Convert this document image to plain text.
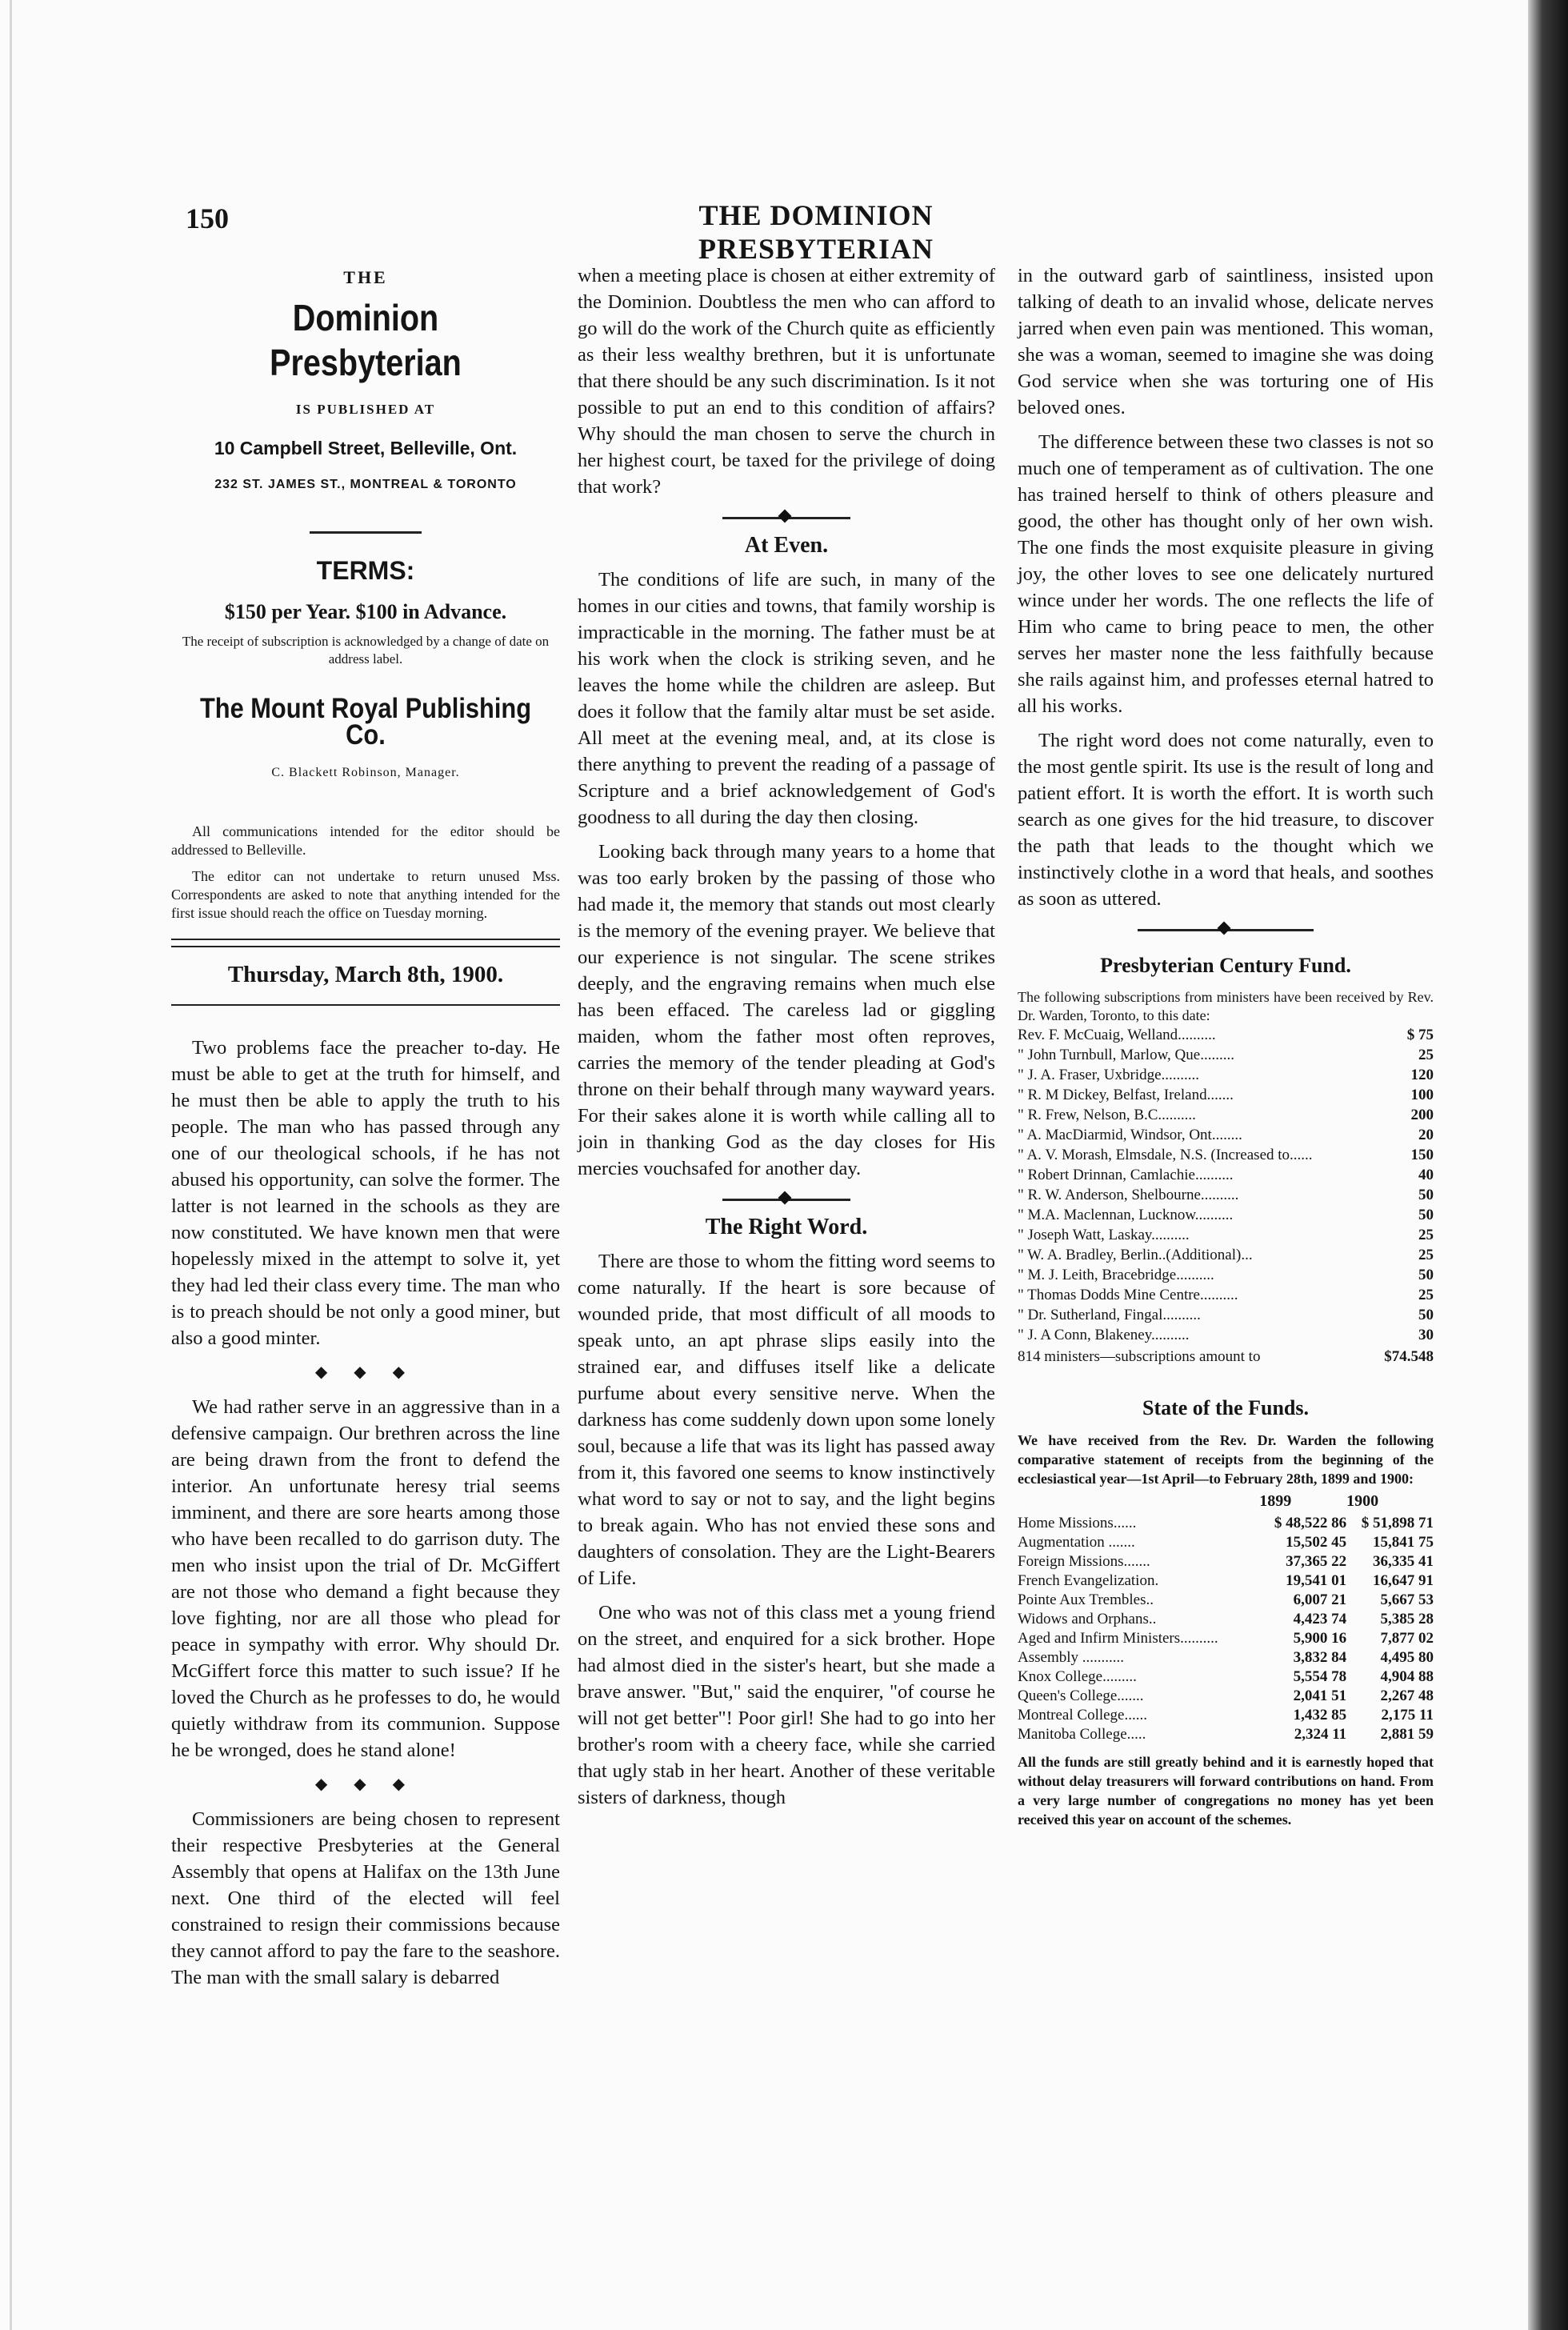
150	THE DOMINION PRESBYTERIAN
THE
Dominion Presbyterian
IS PUBLISHED AT
10 Campbell Street, Belleville, Ont.
232 ST. JAMES ST., MONTREAL & TORONTO
TERMS:
$150 per Year. $100 in Advance.
The receipt of subscription is acknowledged by a change of date on address label.
The Mount Royal Publishing Co.
C. Blackett Robinson, Manager.

All communications intended for the editor should be addressed to Belleville.

The editor can not undertake to return unused Mss. Correspondents are asked to note that anything intended for the first issue should reach the office on Tuesday morning.

Thursday, March 8th, 1900.

Two problems face the preacher to-day. He must be able to get at the truth for himself, and he must then be able to apply the truth to his people. The man who has passed through any one of our theological schools, if he has not abused his opportunity, can solve the former. The latter is not learned in the schools as they are now constituted. We have known men that were hopelessly mixed in the attempt to solve it, yet they had led their class every time. The man who is to preach should be not only a good miner, but also a good minter.

◆ ◆ ◆

We had rather serve in an aggressive than in a defensive campaign. Our brethren across the line are being drawn from the front to defend the interior. An unfortunate heresy trial seems imminent, and there are sore hearts among those who have been recalled to do garrison duty. The men who insist upon the trial of Dr. McGiffert are not those who demand a fight because they love fighting, nor are all those who plead for peace in sympathy with error. Why should Dr. McGiffert force this matter to such issue? If he loved the Church as he professes to do, he would quietly withdraw from its communion. Suppose he be wronged, does he stand alone!

◆ ◆ ◆

Commissioners are being chosen to represent their respective Presbyteries at the General Assembly that opens at Halifax on the 13th June next. One third of the elected will feel constrained to resign their commissions because they cannot afford to pay the fare to the seashore. The man with the small salary is debarred

when a meeting place is chosen at either extremity of the Dominion. Doubtless the men who can afford to go will do the work of the Church quite as efficiently as their less wealthy brethren, but it is unfortunate that there should be any such discrimination. Is it not possible to put an end to this condition of affairs? Why should the man chosen to serve the church in her highest court, be taxed for the privilege of doing that work?

At Even.

The conditions of life are such, in many of the homes in our cities and towns, that family worship is impracticable in the morning. The father must be at his work when the clock is striking seven, and he leaves the home while the children are asleep. But does it follow that the family altar must be set aside. All meet at the evening meal, and, at its close is there anything to prevent the reading of a passage of Scripture and a brief acknowledgement of God's goodness to all during the day then closing.

Looking back through many years to a home that was too early broken by the passing of those who had made it, the memory that stands out most clearly is the memory of the evening prayer. We believe that our experience is not singular. The scene strikes deeply, and the engraving remains when much else has been effaced. The careless lad or giggling maiden, whom the father most often reproves, carries the memory of the tender pleading at God's throne on their behalf through many wayward years. For their sakes alone it is worth while calling all to join in thanking God as the day closes for His mercies vouchsafed for another day.

The Right Word.

There are those to whom the fitting word seems to come naturally. If the heart is sore because of wounded pride, that most difficult of all moods to speak unto, an apt phrase slips easily into the strained ear, and diffuses itself like a delicate purfume about every sensitive nerve. When the darkness has come suddenly down upon some lonely soul, because a life that was its light has passed away from it, this favored one seems to know instinctively what word to say or not to say, and the light begins to break again. Who has not envied these sons and daughters of consolation. They are the Light-Bearers of Life.

One who was not of this class met a young friend on the street, and enquired for a sick brother. Hope had almost died in the sister's heart, but she made a brave answer. "But," said the enquirer, "of course he will not get better"! Poor girl! She had to go into her brother's room with a cheery face, while she carried that ugly stab in her heart. Another of these veritable sisters of darkness, though

in the outward garb of saintliness, insisted upon talking of death to an invalid whose, delicate nerves jarred when even pain was mentioned. This woman, she was a woman, seemed to imagine she was doing God service when she was torturing one of His beloved ones.

The difference between these two classes is not so much one of temperament as of cultivation. The one has trained herself to think of others pleasure and good, the other has thought only of her own wish. The one finds the most exquisite pleasure in giving joy, the other loves to see one delicately nurtured wince under her words. The one reflects the life of Him who came to bring peace to men, the other serves her master none the less faithfully because she rails against him, and professes eternal hatred to all his works.

The right word does not come naturally, even to the most gentle spirit. Its use is the result of long and patient effort. It is worth the effort. It is worth such search as one gives for the hid treasure, to discover the path that leads to the thought which we instinctively clothe in a word that heals, and soothes as soon as uttered.

Presbyterian Century Fund.
The following subscriptions from ministers have been received by Rev. Dr. Warden, Toronto, to this date:
Rev. F. McCuaig, Welland..........	$ 75
" John Turnbull, Marlow, Que.........	25
" J. A. Fraser, Uxbridge..........	120
" R. M Dickey, Belfast, Ireland.......	100
" R. Frew, Nelson, B.C..........	200
" A. MacDiarmid, Windsor, Ont........	20
" A. V. Morash, Elmsdale, N.S. (Increased to......	150
" Robert Drinnan, Camlachie..........	40
" R. W. Anderson, Shelbourne..........	50
" M.A. Maclennan, Lucknow..........	50
" Joseph Watt, Laskay..........	25
" W. A. Bradley, Berlin..(Additional)...	25
" M. J. Leith, Bracebridge..........	50
" Thomas Dodds Mine Centre..........	25
" Dr. Sutherland, Fingal..........	50
" J. A Conn, Blakeney..........	30
814 ministers—subscriptions amount to	$74.548
State of the Funds.
We have received from the Rev. Dr. Warden the following comparative statement of receipts from the beginning of the ecclesiastical year—1st April—to February 28th, 1899 and 1900:
	1899	1900
Home Missions......	$ 48,522 86	$ 51,898 71
Augmentation .......	15,502 45	15,841 75
Foreign Missions.......	37,365 22	36,335 41
French Evangelization.	19,541 01	16,647 91
Pointe Aux Trembles..	6,007 21	5,667 53
Widows and Orphans..	4,423 74	5,385 28
Aged and Infirm Ministers..........	5,900 16	7,877 02
Assembly ...........	3,832 84	4,495 80
Knox College.........	5,554 78	4,904 88
Queen's College.......	2,041 51	2,267 48
Montreal College......	1,432 85	2,175 11
Manitoba College.....	2,324 11	2,881 59
All the funds are still greatly behind and it is earnestly hoped that without delay treasurers will forward contributions on hand. From a very large number of congregations no money has yet been received this year on account of the schemes.
